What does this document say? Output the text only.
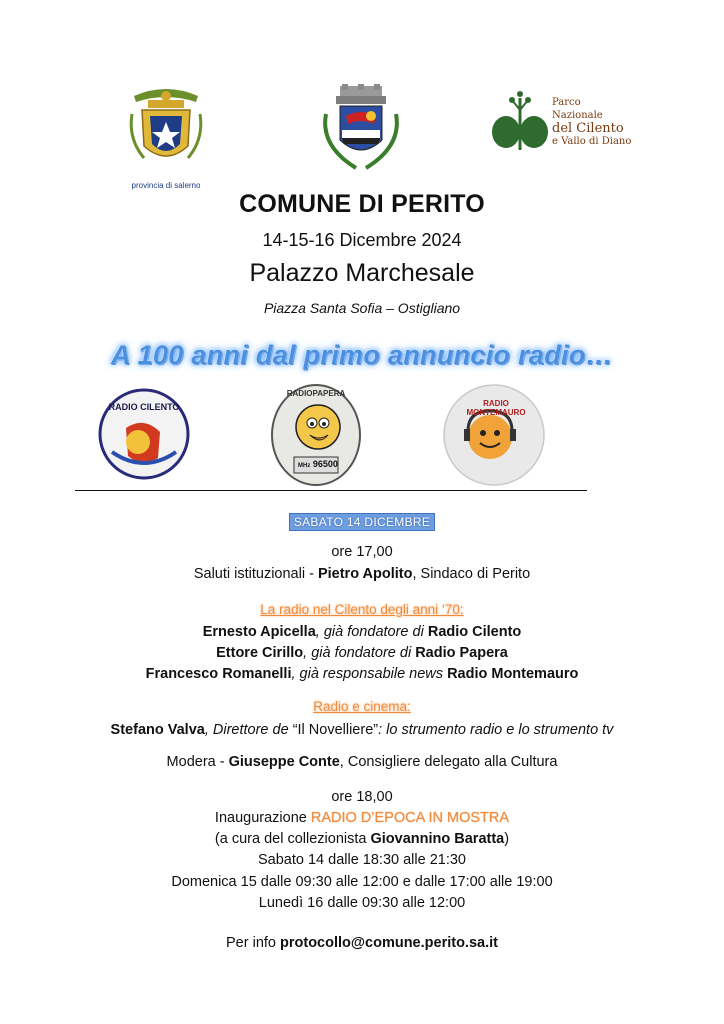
provincia di salerno
Parco Nazionale
del Cilento
e Vallo di Diano
COMUNE DI PERITO
14-15-16 Dicembre 2024
Palazzo Marchesale
Piazza Santa Sofia – Ostigliano
A 100 anni dal primo annuncio radio…
RADIO CILENTO
RADIOPAPERA
MHz 96500
RADIO MONTEMAURO
SABATO 14 DICEMBRE
ore 17,00
Saluti istituzionali - Pietro Apolito, Sindaco di Perito
La radio nel Cilento degli anni ‘70:
Ernesto Apicella, già fondatore di Radio Cilento
Ettore Cirillo, già fondatore di Radio Papera
Francesco Romanelli, già responsabile news Radio Montemauro
Radio e cinema:
Stefano Valva, Direttore de “Il Novelliere”: lo strumento radio e lo strumento tv
Modera - Giuseppe Conte, Consigliere delegato alla Cultura
ore 18,00
Inaugurazione RADIO D’EPOCA IN MOSTRA
(a cura del collezionista Giovannino Baratta)
Sabato 14 dalle 18:30 alle 21:30
Domenica 15 dalle 09:30 alle 12:00 e dalle 17:00 alle 19:00
Lunedì 16 dalle 09:30 alle 12:00
Per info protocollo@comune.perito.sa.it
